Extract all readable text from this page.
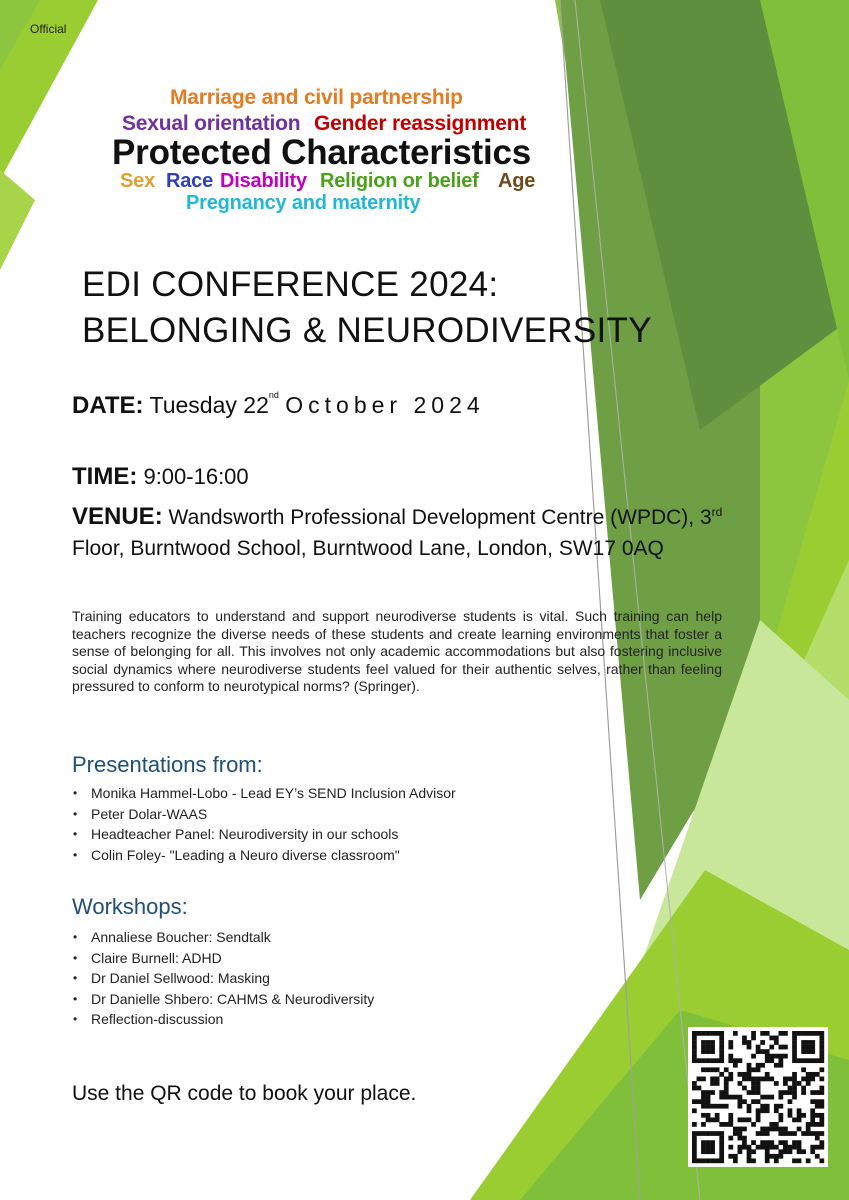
Official
Marriage and civil partnership
Sexual orientation Gender reassignment
Protected Characteristics
Sex Race Disability Religion or belief Age
Pregnancy and maternity
EDI CONFERENCE 2024:
BELONGING & NEURODIVERSITY
DATE: Tuesday 22nd October 2024
TIME: 9:00-16:00
VENUE: Wandsworth Professional Development Centre (WPDC), 3rd Floor, Burntwood School, Burntwood Lane, London, SW17 0AQ
Training educators to understand and support neurodiverse students is vital. Such training can help teachers recognize the diverse needs of these students and create learning environments that foster a sense of belonging for all. This involves not only academic accommodations but also fostering inclusive social dynamics where neurodiverse students feel valued for their authentic selves, rather than feeling pressured to conform to neurotypical norms? (Springer).
Presentations from:
• Monika Hammel-Lobo - Lead EY’s SEND Inclusion Advisor
• Peter Dolar-WAAS
• Headteacher Panel: Neurodiversity in our schools
• Colin Foley- "Leading a Neuro diverse classroom"
Workshops:
• Annaliese Boucher: Sendtalk
• Claire Burnell: ADHD
• Dr Daniel Sellwood: Masking
• Dr Danielle Shbero: CAHMS & Neurodiversity
• Reflection-discussion
Use the QR code to book your place.
